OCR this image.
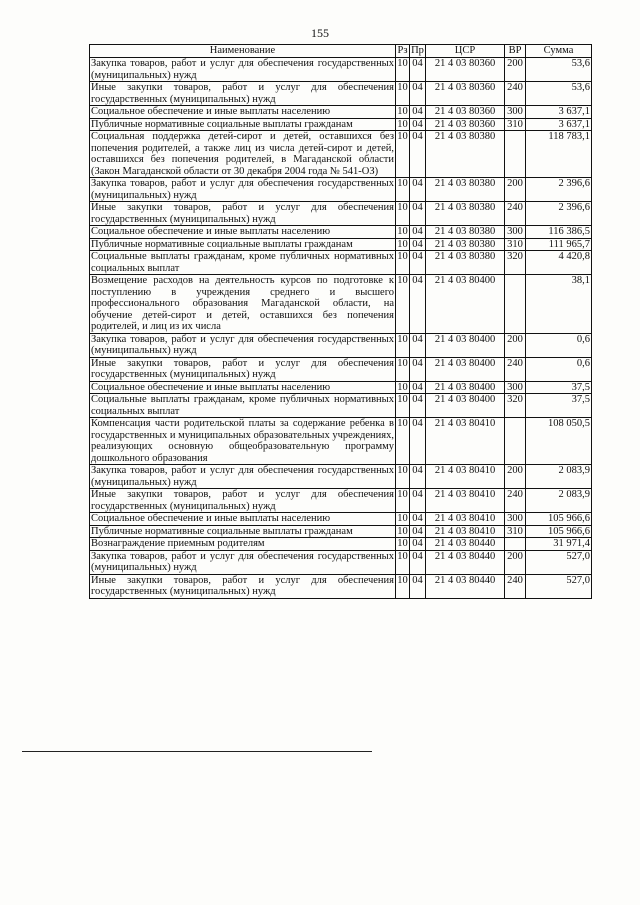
155
Наименование	Рз	Пр	ЦСР	ВР	Сумма
Закупка товаров, работ и услуг для обеспечения государственных (муниципальных) нужд	10	04	21 4 03 80360	200	53,6
Иные закупки товаров, работ и услуг для обеспечения государственных (муниципальных) нужд	10	04	21 4 03 80360	240	53,6
Социальное обеспечение и иные выплаты населению	10	04	21 4 03 80360	300	3 637,1
Публичные нормативные социальные выплаты гражданам	10	04	21 4 03 80360	310	3 637,1
Социальная поддержка детей-сирот и детей, оставшихся без попечения родителей, а также лиц из числа детей-сирот и детей, оставшихся без попечения родителей, в Магаданской области (Закон Магаданской области от 30 декабря 2004 года № 541-ОЗ)	10	04	21 4 03 80380		118 783,1
Закупка товаров, работ и услуг для обеспечения государственных (муниципальных) нужд	10	04	21 4 03 80380	200	2 396,6
Иные закупки товаров, работ и услуг для обеспечения государственных (муниципальных) нужд	10	04	21 4 03 80380	240	2 396,6
Социальное обеспечение и иные выплаты населению	10	04	21 4 03 80380	300	116 386,5
Публичные нормативные социальные выплаты гражданам	10	04	21 4 03 80380	310	111 965,7
Социальные выплаты гражданам, кроме публичных нормативных социальных выплат	10	04	21 4 03 80380	320	4 420,8
Возмещение расходов на деятельность курсов по подготовке к поступлению в учреждения среднего и высшего профессионального образования Магаданской области, на обучение детей-сирот и детей, оставшихся без попечения родителей, и лиц из их числа	10	04	21 4 03 80400		38,1
Закупка товаров, работ и услуг для обеспечения государственных (муниципальных) нужд	10	04	21 4 03 80400	200	0,6
Иные закупки товаров, работ и услуг для обеспечения государственных (муниципальных) нужд	10	04	21 4 03 80400	240	0,6
Социальное обеспечение и иные выплаты населению	10	04	21 4 03 80400	300	37,5
Социальные выплаты гражданам, кроме публичных нормативных социальных выплат	10	04	21 4 03 80400	320	37,5
Компенсация части родительской платы за содержание ребенка в государственных и муниципальных образовательных учреждениях, реализующих основную общеобразовательную программу дошкольного образования	10	04	21 4 03 80410		108 050,5
Закупка товаров, работ и услуг для обеспечения государственных (муниципальных) нужд	10	04	21 4 03 80410	200	2 083,9
Иные закупки товаров, работ и услуг для обеспечения государственных (муниципальных) нужд	10	04	21 4 03 80410	240	2 083,9
Социальное обеспечение и иные выплаты населению	10	04	21 4 03 80410	300	105 966,6
Публичные нормативные социальные выплаты гражданам	10	04	21 4 03 80410	310	105 966,6
Вознаграждение приемным родителям	10	04	21 4 03 80440		31 971,4
Закупка товаров, работ и услуг для обеспечения государственных (муниципальных) нужд	10	04	21 4 03 80440	200	527,0
Иные закупки товаров, работ и услуг для обеспечения государственных (муниципальных) нужд	10	04	21 4 03 80440	240	527,0
